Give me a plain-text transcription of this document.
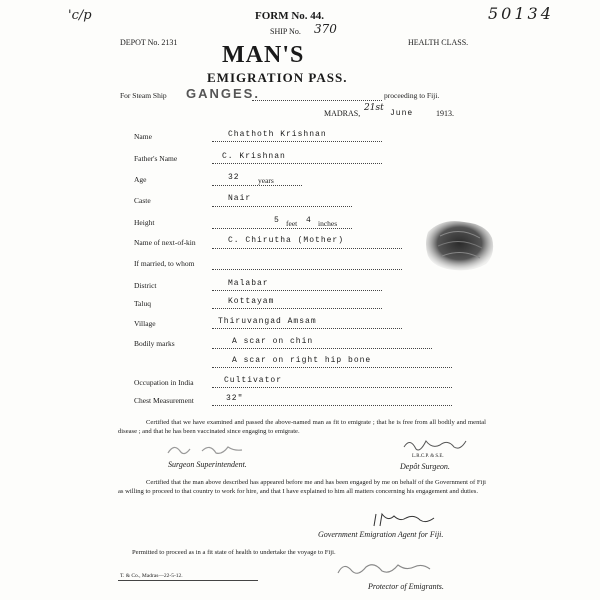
'c/p	50134
FORM No. 44.
SHIP No. 370
DEPOT No. 2131	HEALTH CLASS.
MAN'S
EMIGRATION PASS.
For Steam Ship GANGES.	proceeding to Fiji.
MADRAS,
21st
June	1913.
Name	Chathoth Krishnan
Father's Name	C. Krishnan
Age	32 years
Caste	Nair
Height	5 feet 4 inches
Name of next-of-kin	C. Chirutha (Mother)
If married, to whom
District	Malabar
Taluq	Kottayam
Village	Thiruvangad Amsam
Bodily marks	A scar on chin
A scar on right hip bone
Occupation in India	Cultivator
Chest Measurement	32"
Certified that we have examined and passed the above-named man as fit to emigrate ; that he is free from all bodily and mental disease ; and that he has been vaccinated since engaging to emigrate.
Surgeon Superintendent.
L.R.C.P. & S.E.
Depôt Surgeon.
Certified that the man above described has appeared before me and has been engaged by me on behalf of the Government of Fiji as willing to proceed to that country to work for hire, and that I have explained to him all matters concerning his engagement and duties.
Government Emigration Agent for Fiji.
Permitted to proceed as in a fit state of health to undertake the voyage to Fiji.
T. & Co., Madras—22-5-12.
Protector of Emigrants.
